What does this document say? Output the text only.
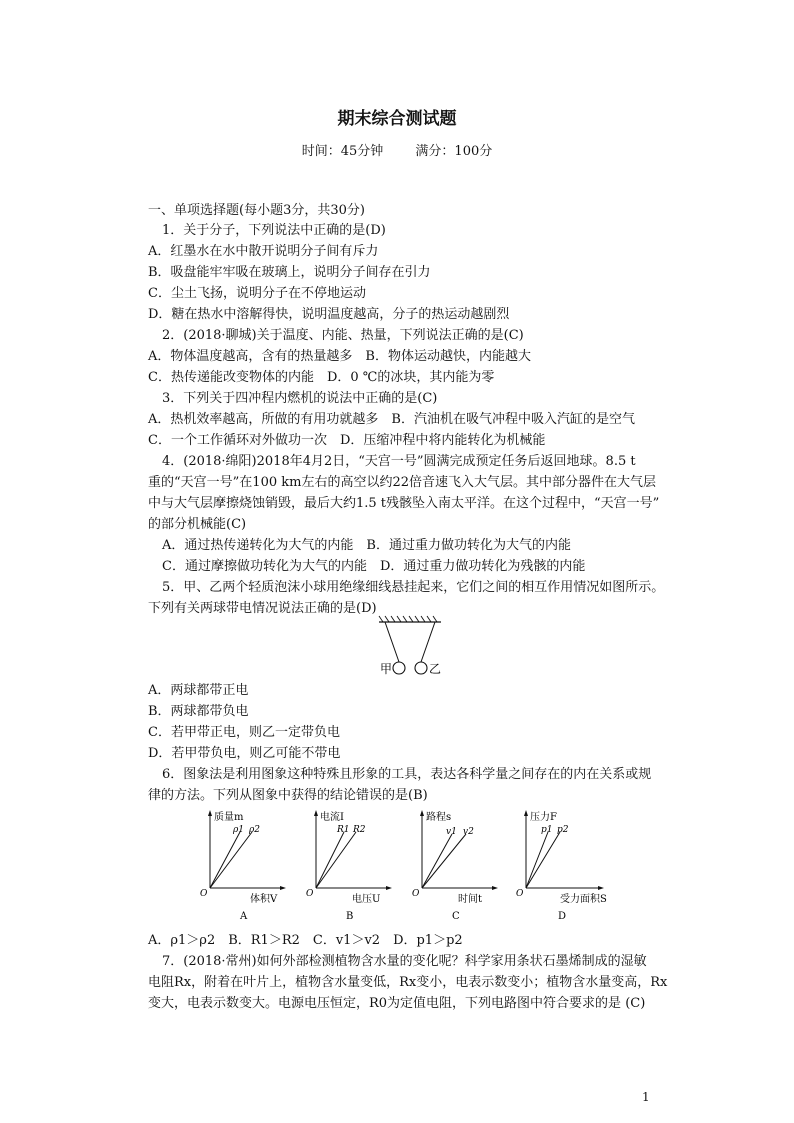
期末综合测试题
时间：45分钟 满分：100分
一、单项选择题(每小题3分，共30分)
1．关于分子，下列说法中正确的是(D)
A．红墨水在水中散开说明分子间有斥力
B．吸盘能牢牢吸在玻璃上，说明分子间存在引力
C．尘土飞扬，说明分子在不停地运动
D．糖在热水中溶解得快，说明温度越高，分子的热运动越剧烈
2．(2018·聊城)关于温度、内能、热量，下列说法正确的是(C)
A．物体温度越高，含有的热量越多　B．物体运动越快，内能越大
C．热传递能改变物体的内能　D．0 ℃的冰块，其内能为零
3．下列关于四冲程内燃机的说法中正确的是(C)
A．热机效率越高，所做的有用功就越多　B．汽油机在吸气冲程中吸入汽缸的是空气
C．一个工作循环对外做功一次　D．压缩冲程中将内能转化为机械能
4．(2018·绵阳)2018年4月2日，“天宫一号”圆满完成预定任务后返回地球。8.5 t
重的“天宫一号”在100 km左右的高空以约22倍音速飞入大气层。其中部分器件在大气层
中与大气层摩擦烧蚀销毁，最后大约1.5 t残骸坠入南太平洋。在这个过程中，“天宫一号”
的部分机械能(C)
A．通过热传递转化为大气的内能　B．通过重力做功转化为大气的内能
C．通过摩擦做功转化为大气的内能　D．通过重力做功转化为残骸的内能
5．甲、乙两个轻质泡沫小球用绝缘细线悬挂起来，它们之间的相互作用情况如图所示。
下列有关两球带电情况说法正确的是(D)
甲	乙
A．两球都带正电
B．两球都带负电
C．若甲带正电，则乙一定带负电
D．若甲带负电，则乙可能不带电
6．图象法是利用图象这种特殊且形象的工具，表达各科学量之间存在的内在关系或规
律的方法。下列从图象中获得的结论错误的是(B)
质量m
ρ1 ρ2
O	体积V
A
电流I
R1 R2
O	电压U
B
路程s
v1 v2
O	时间t
C
压力F
p1 p2
O	受力面积S
D
A．ρ1＞ρ2　B．R1＞R2　C．v1＞v2　D．p1＞p2
7．(2018·常州)如何外部检测植物含水量的变化呢？科学家用条状石墨烯制成的湿敏
电阻Rx，附着在叶片上，植物含水量变低，Rx变小，电表示数变小；植物含水量变高，Rx
变大，电表示数变大。电源电压恒定，R0为定值电阻，下列电路图中符合要求的是 (C)
1
